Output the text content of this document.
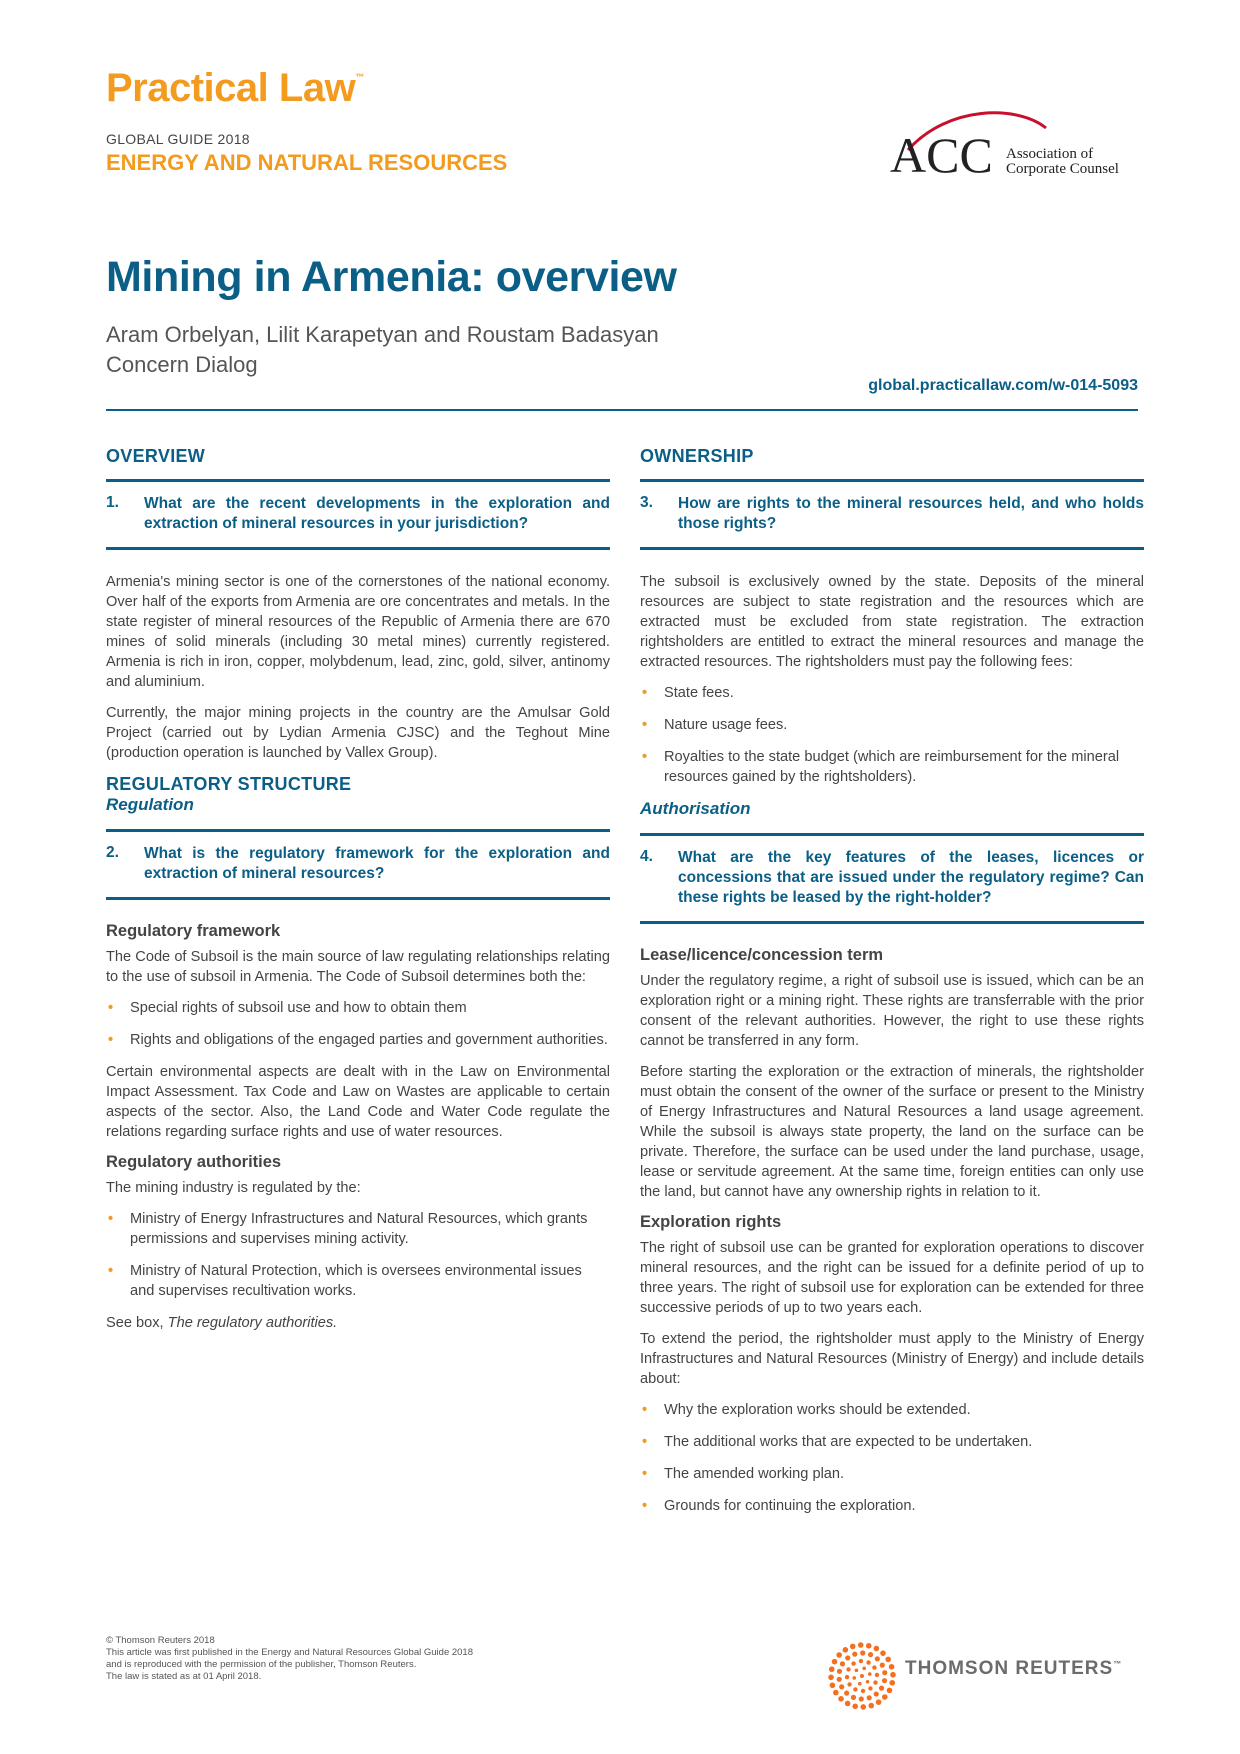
Practical Law™
GLOBAL GUIDE 2018
ENERGY AND NATURAL RESOURCES	ACC Association of
Corporate Counsel
Mining in Armenia: overview
Aram Orbelyan, Lilit Karapetyan and Roustam Badasyan
Concern Dialog
global.practicallaw.com/w-014-5093
OVERVIEW
1. What are the recent developments in the exploration and extraction of mineral resources in your jurisdiction?

Armenia's mining sector is one of the cornerstones of the national economy. Over half of the exports from Armenia are ore concentrates and metals. In the state register of mineral resources of the Republic of Armenia there are 670 mines of solid minerals (including 30 metal mines) currently registered. Armenia is rich in iron, copper, molybdenum, lead, zinc, gold, silver, antinomy and aluminium.

Currently, the major mining projects in the country are the Amulsar Gold Project (carried out by Lydian Armenia CJSC) and the Teghout Mine (production operation is launched by Vallex Group).

REGULATORY STRUCTURE
Regulation
2. What is the regulatory framework for the exploration and extraction of mineral resources?
Regulatory framework

The Code of Subsoil is the main source of law regulating relationships relating to the use of subsoil in Armenia. The Code of Subsoil determines both the:

• Special rights of subsoil use and how to obtain them
• Rights and obligations of the engaged parties and government authorities.

Certain environmental aspects are dealt with in the Law on Environmental Impact Assessment. Tax Code and Law on Wastes are applicable to certain aspects of the sector. Also, the Land Code and Water Code regulate the relations regarding surface rights and use of water resources.

Regulatory authorities

The mining industry is regulated by the:

• Ministry of Energy Infrastructures and Natural Resources, which grants permissions and supervises mining activity.
• Ministry of Natural Protection, which is oversees environmental issues and supervises recultivation works.

See box, The regulatory authorities.

OWNERSHIP
3. How are rights to the mineral resources held, and who holds those rights?

The subsoil is exclusively owned by the state. Deposits of the mineral resources are subject to state registration and the resources which are extracted must be excluded from state registration. The extraction rightsholders are entitled to extract the mineral resources and manage the extracted resources. The rightsholders must pay the following fees:

• State fees.
• Nature usage fees.
• Royalties to the state budget (which are reimbursement for the mineral resources gained by the rightsholders).
Authorisation
4. What are the key features of the leases, licences or concessions that are issued under the regulatory regime? Can these rights be leased by the right-holder?
Lease/licence/concession term

Under the regulatory regime, a right of subsoil use is issued, which can be an exploration right or a mining right. These rights are transferrable with the prior consent of the relevant authorities. However, the right to use these rights cannot be transferred in any form.

Before starting the exploration or the extraction of minerals, the rightsholder must obtain the consent of the owner of the surface or present to the Ministry of Energy Infrastructures and Natural Resources a land usage agreement. While the subsoil is always state property, the land on the surface can be private. Therefore, the surface can be used under the land purchase, usage, lease or servitude agreement. At the same time, foreign entities can only use the land, but cannot have any ownership rights in relation to it.

Exploration rights

The right of subsoil use can be granted for exploration operations to discover mineral resources, and the right can be issued for a definite period of up to three years. The right of subsoil use for exploration can be extended for three successive periods of up to two years each.

To extend the period, the rightsholder must apply to the Ministry of Energy Infrastructures and Natural Resources (Ministry of Energy) and include details about:

• Why the exploration works should be extended.
• The additional works that are expected to be undertaken.
• The amended working plan.
• Grounds for continuing the exploration.
© Thomson Reuters 2018
This article was first published in the Energy and Natural Resources Global Guide 2018
and is reproduced with the permission of the publisher, Thomson Reuters.
The law is stated as at 01 April 2018.	THOMSON REUTERS™
